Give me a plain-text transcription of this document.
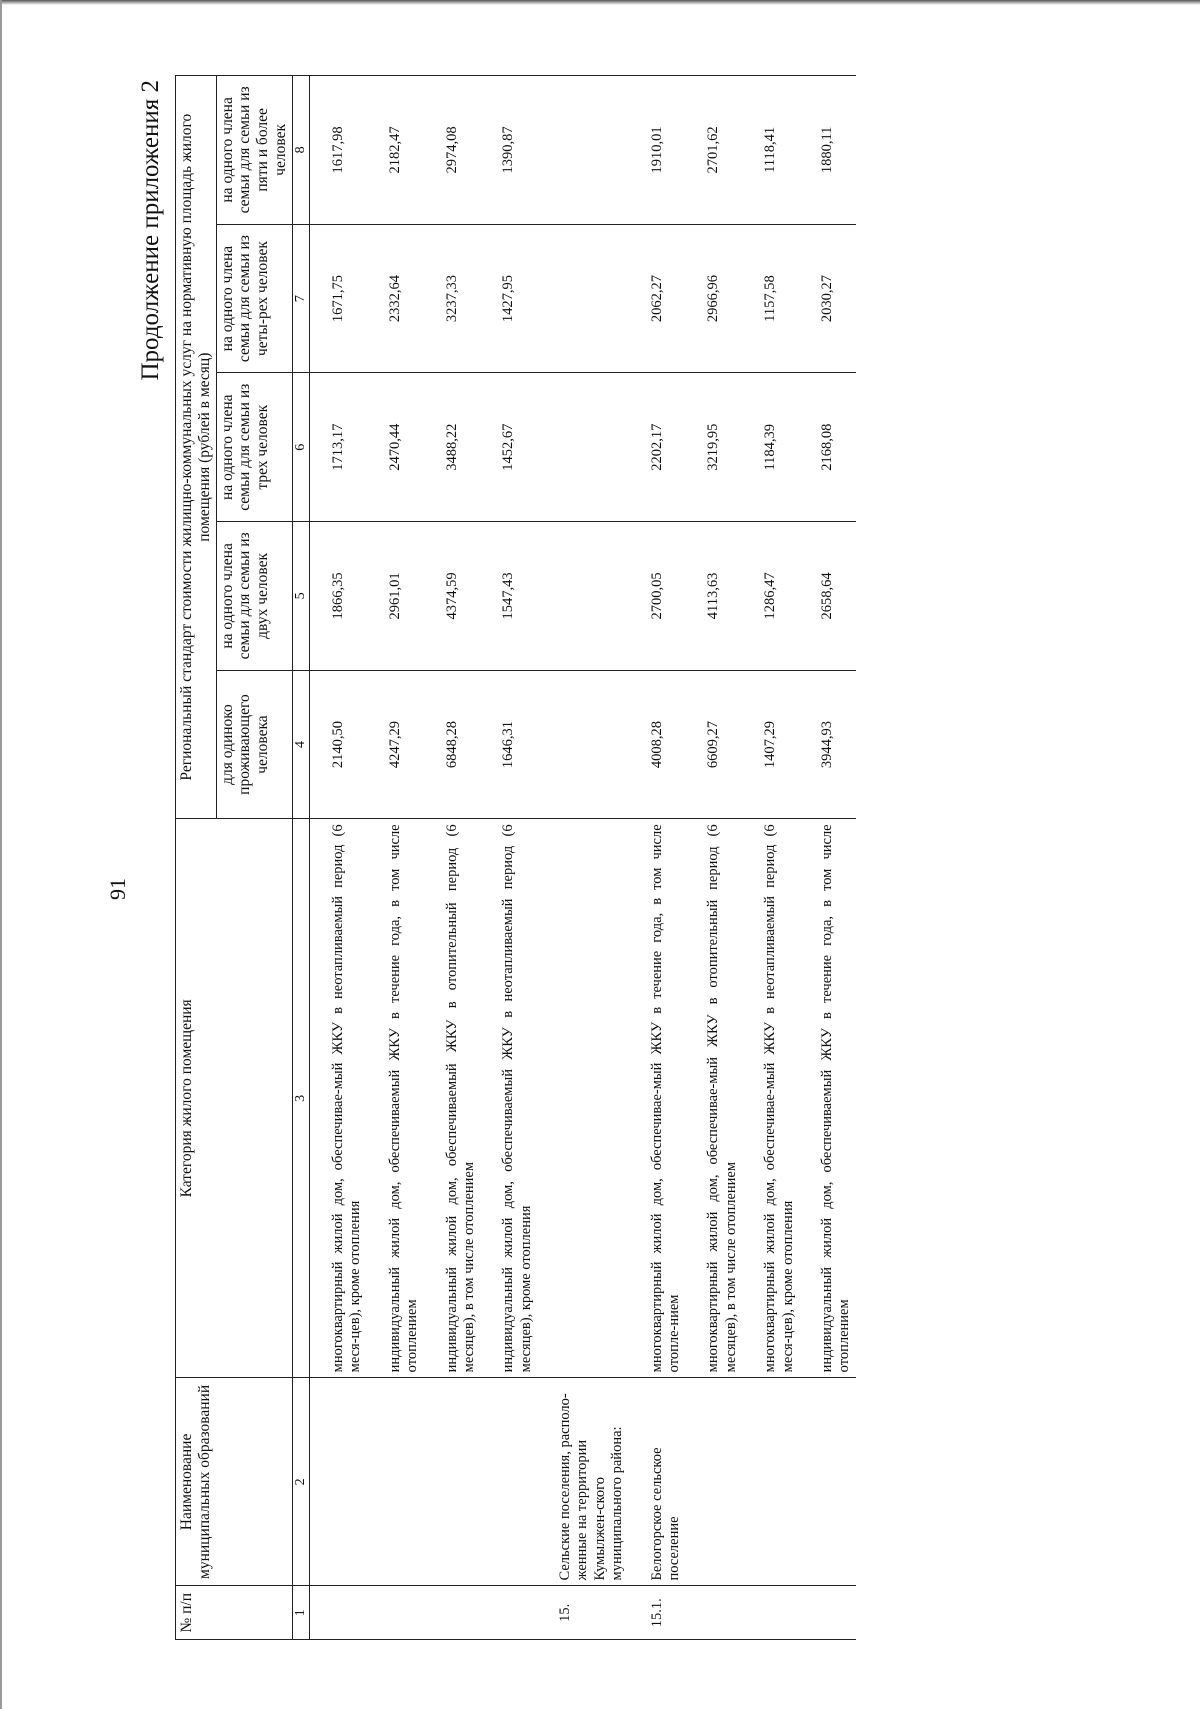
91
Продолжение приложения 2
№ п/п	Наименование муниципальных образований	Категория жилого помещения	Региональный стандарт стоимости жилищно-коммунальных услуг на нормативную площадь жилого помещения (рублей в месяц)				
			для одиноко проживающего человека	на одного члена семьи для семьи из двух человек	на одного члена семьи для семьи из трех человек	на одного члена семьи для семьи из четы-рех человек	на одного члена семьи для семьи из пяти и более человек
1	2	3	4	5	6	7	8

		многоквартирный жилой дом, обеспечивае-мый ЖКУ в неотапливаемый период (6 меся-цев), кроме отопления	2140,50	1866,35	1713,17	1671,75	1617,98

		индивидуальный жилой дом, обеспечиваемый ЖКУ в течение года, в том числе отоплением	4247,29	2961,01	2470,44	2332,64	2182,47

		индивидуальный жилой дом, обеспечиваемый ЖКУ в отопительный период (6 месяцев), в том числе отоплением	6848,28	4374,59	3488,22	3237,33	2974,08

		индивидуальный жилой дом, обеспечиваемый ЖКУ в неотапливаемый период (6 месяцев), кроме отопления	1646,31	1547,43	1452,67	1427,95	1390,87

15.	Сельские поселения, располо-женные на территории Кумылжен-ского муниципального района:						

15.1.	Белогорское сельское поселение	многоквартирный жилой дом, обеспечивае-мый ЖКУ в течение года, в том числе отопле-нием	4008,28	2700,05	2202,17	2062,27	1910,01

		многоквартирный жилой дом, обеспечивае-мый ЖКУ в отопительный период (6 месяцев), в том числе отоплением	6609,27	4113,63	3219,95	2966,96	2701,62

		многоквартирный жилой дом, обеспечивае-мый ЖКУ в неотапливаемый период (6 меся-цев), кроме отопления	1407,29	1286,47	1184,39	1157,58	1118,41

		индивидуальный жилой дом, обеспечиваемый ЖКУ в течение года, в том числе отоплением	3944,93	2658,64	2168,08	2030,27	1880,11
